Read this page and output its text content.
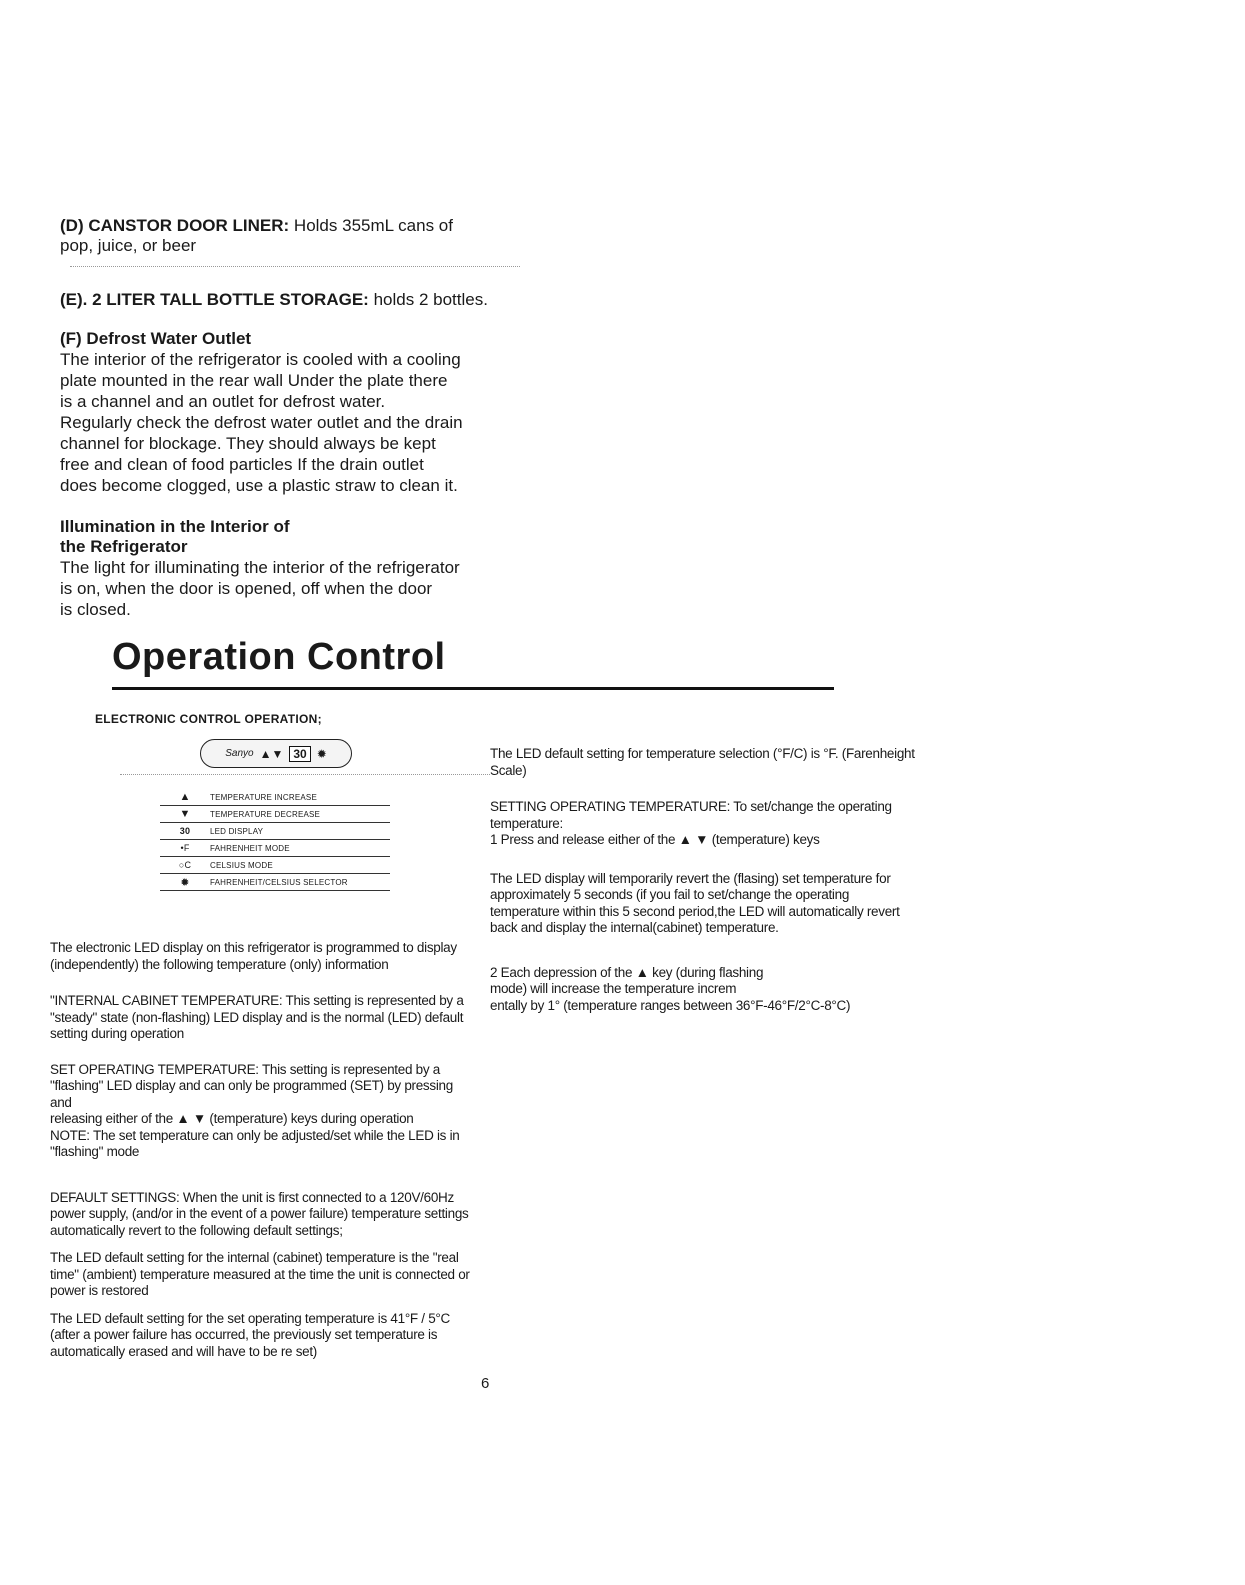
(D) CANSTOR DOOR LINER: Holds 355mL cans of
pop, juice, or beer
(E). 2 LITER TALL BOTTLE STORAGE: holds 2 bottles.
(F) Defrost Water Outlet

The interior of the refrigerator is cooled with a cooling

plate mounted in the rear wall Under the plate there

is a channel and an outlet for defrost water.

Regularly check the defrost water outlet and the drain

channel for blockage. They should always be kept

free and clean of food particles If the drain outlet

does become clogged, use a plastic straw to clean it.

Illumination in the Interior of
the Refrigerator

The light for illuminating the interior of the refrigerator

is on, when the door is opened, off when the door

is closed.

Operation Control
ELECTRONIC CONTROL OPERATION;
Sanyo ▲▼ 30 ✹
▲	TEMPERATURE INCREASE
▼	TEMPERATURE DECREASE
30	LED DISPLAY
•F	FAHRENHEIT MODE
○C	CELSIUS MODE
✹	FAHRENHEIT/CELSIUS SELECTOR

The electronic LED display on this refrigerator is programmed to display

(independently) the following temperature (only) information

"INTERNAL CABINET TEMPERATURE: This setting is represented by a

"steady" state (non-flashing) LED display and is the normal (LED) default

setting during operation

SET OPERATING TEMPERATURE: This setting is represented by a

"flashing" LED display and can only be programmed (SET) by pressing and

releasing either of the ▲ ▼ (temperature) keys during operation

NOTE: The set temperature can only be adjusted/set while the LED is in

"flashing" mode

DEFAULT SETTINGS: When the unit is first connected to a 120V/60Hz

power supply, (and/or in the event of a power failure) temperature settings

automatically revert to the following default settings;

The LED default setting for the internal (cabinet) temperature is the "real

time" (ambient) temperature measured at the time the unit is connected or

power is restored

The LED default setting for the set operating temperature is 41°F / 5°C

(after a power failure has occurred, the previously set temperature is

automatically erased and will have to be re set)

The LED default setting for temperature selection (°F/C) is °F. (Farenheight

Scale)

SETTING OPERATING TEMPERATURE: To set/change the operating

temperature:

1 Press and release either of the ▲ ▼ (temperature) keys

The LED display will temporarily revert the (flasing) set temperature for

approximately 5 seconds (if you fail to set/change the operating

temperature within this 5 second period,the LED will automatically revert

back and display the internal(cabinet) temperature.

2 Each depression of the ▲ key (during flashing

mode) will increase the temperature increm

entally by 1° (temperature ranges between 36°F-46°F/2°C-8°C)

6
